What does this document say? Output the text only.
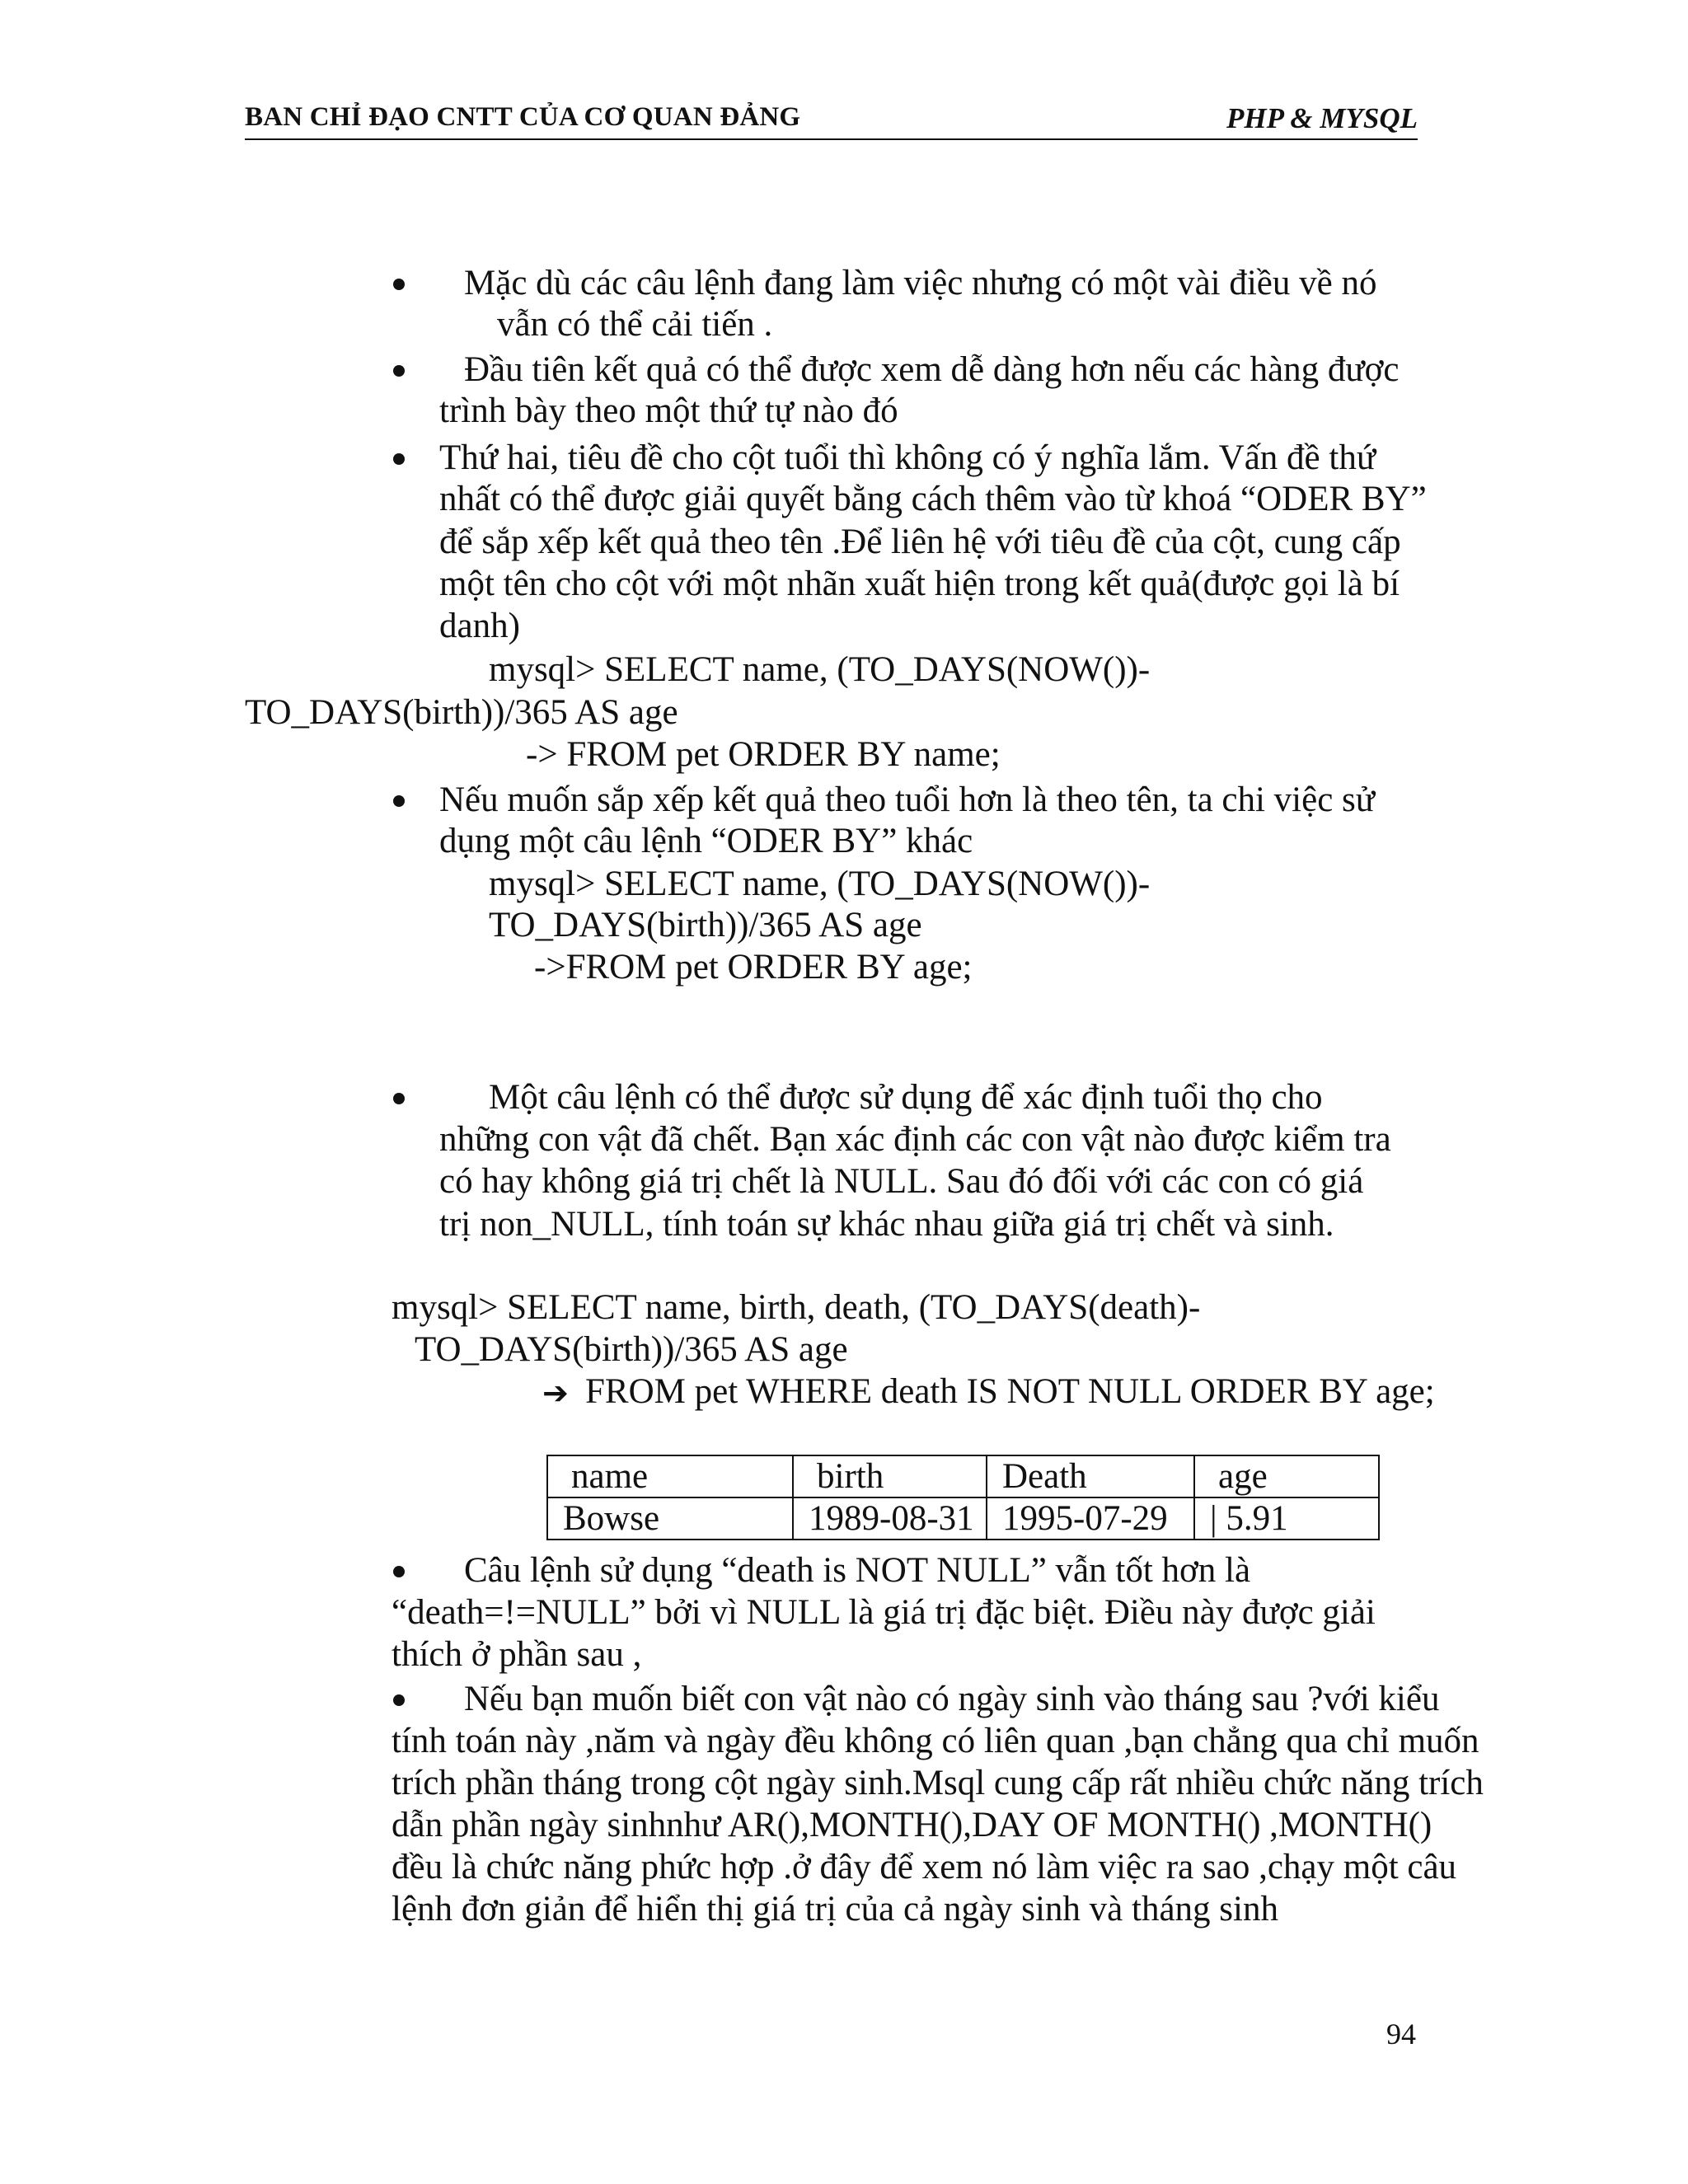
BAN CHỈ ĐẠO CNTT CỦA CƠ QUAN ĐẢNG	PHP & MYSQL
Mặc dù các câu lệnh đang làm việc nhưng có một vài điều về nó
vẫn có thể cải tiến .
Đầu tiên kết quả có thể được xem dễ dàng hơn nếu các hàng được
trình bày theo một thứ tự nào đó
Thứ hai, tiêu đề cho cột tuổi thì không có ý nghĩa lắm. Vấn đề thứ
nhất có thể được giải quyết bằng cách thêm vào từ khoá “ODER BY”
để sắp xếp kết quả theo tên .Để liên hệ với tiêu đề của cột, cung cấp
một tên cho cột với một nhãn xuất hiện trong kết quả(được gọi là bí
danh)
mysql> SELECT name, (TO_DAYS(NOW())-
TO_DAYS(birth))/365 AS age
-> FROM pet ORDER BY name;
Nếu muốn sắp xếp kết quả theo tuổi hơn là theo tên, ta chi việc sử
dụng một câu lệnh “ODER BY” khác
mysql> SELECT name, (TO_DAYS(NOW())-
TO_DAYS(birth))/365 AS age
->FROM pet ORDER BY age;
Một câu lệnh có thể được sử dụng để xác định tuổi thọ cho
những con vật đã chết. Bạn xác định các con vật nào được kiểm tra
có hay không giá trị chết là NULL. Sau đó đối với các con có giá
trị non_NULL, tính toán sự khác nhau giữa giá trị chết và sinh.
mysql> SELECT name, birth, death, (TO_DAYS(death)-
TO_DAYS(birth))/365 AS age
➔ FROM pet WHERE death IS NOT NULL ORDER BY age;
name	birth	Death	age
Bowse	1989-08-31	1995-07-29	| 5.91
Câu lệnh sử dụng “death is NOT NULL” vẫn tốt hơn là
“death=!=NULL” bởi vì NULL là giá trị đặc biệt. Điều này được giải
thích ở phần sau ,
Nếu bạn muốn biết con vật nào có ngày sinh vào tháng sau ?với kiểu
tính toán này ,năm và ngày đều không có liên quan ,bạn chẳng qua chỉ muốn
trích phần tháng trong cột ngày sinh.Msql cung cấp rất nhiều chức năng trích
dẫn phần ngày sinhnhư AR(),MONTH(),DAY OF MONTH() ,MONTH()
đều là chức năng phức hợp .ở đây để xem nó làm việc ra sao ,chạy một câu
lệnh đơn giản để hiển thị giá trị của cả ngày sinh và tháng sinh
94
